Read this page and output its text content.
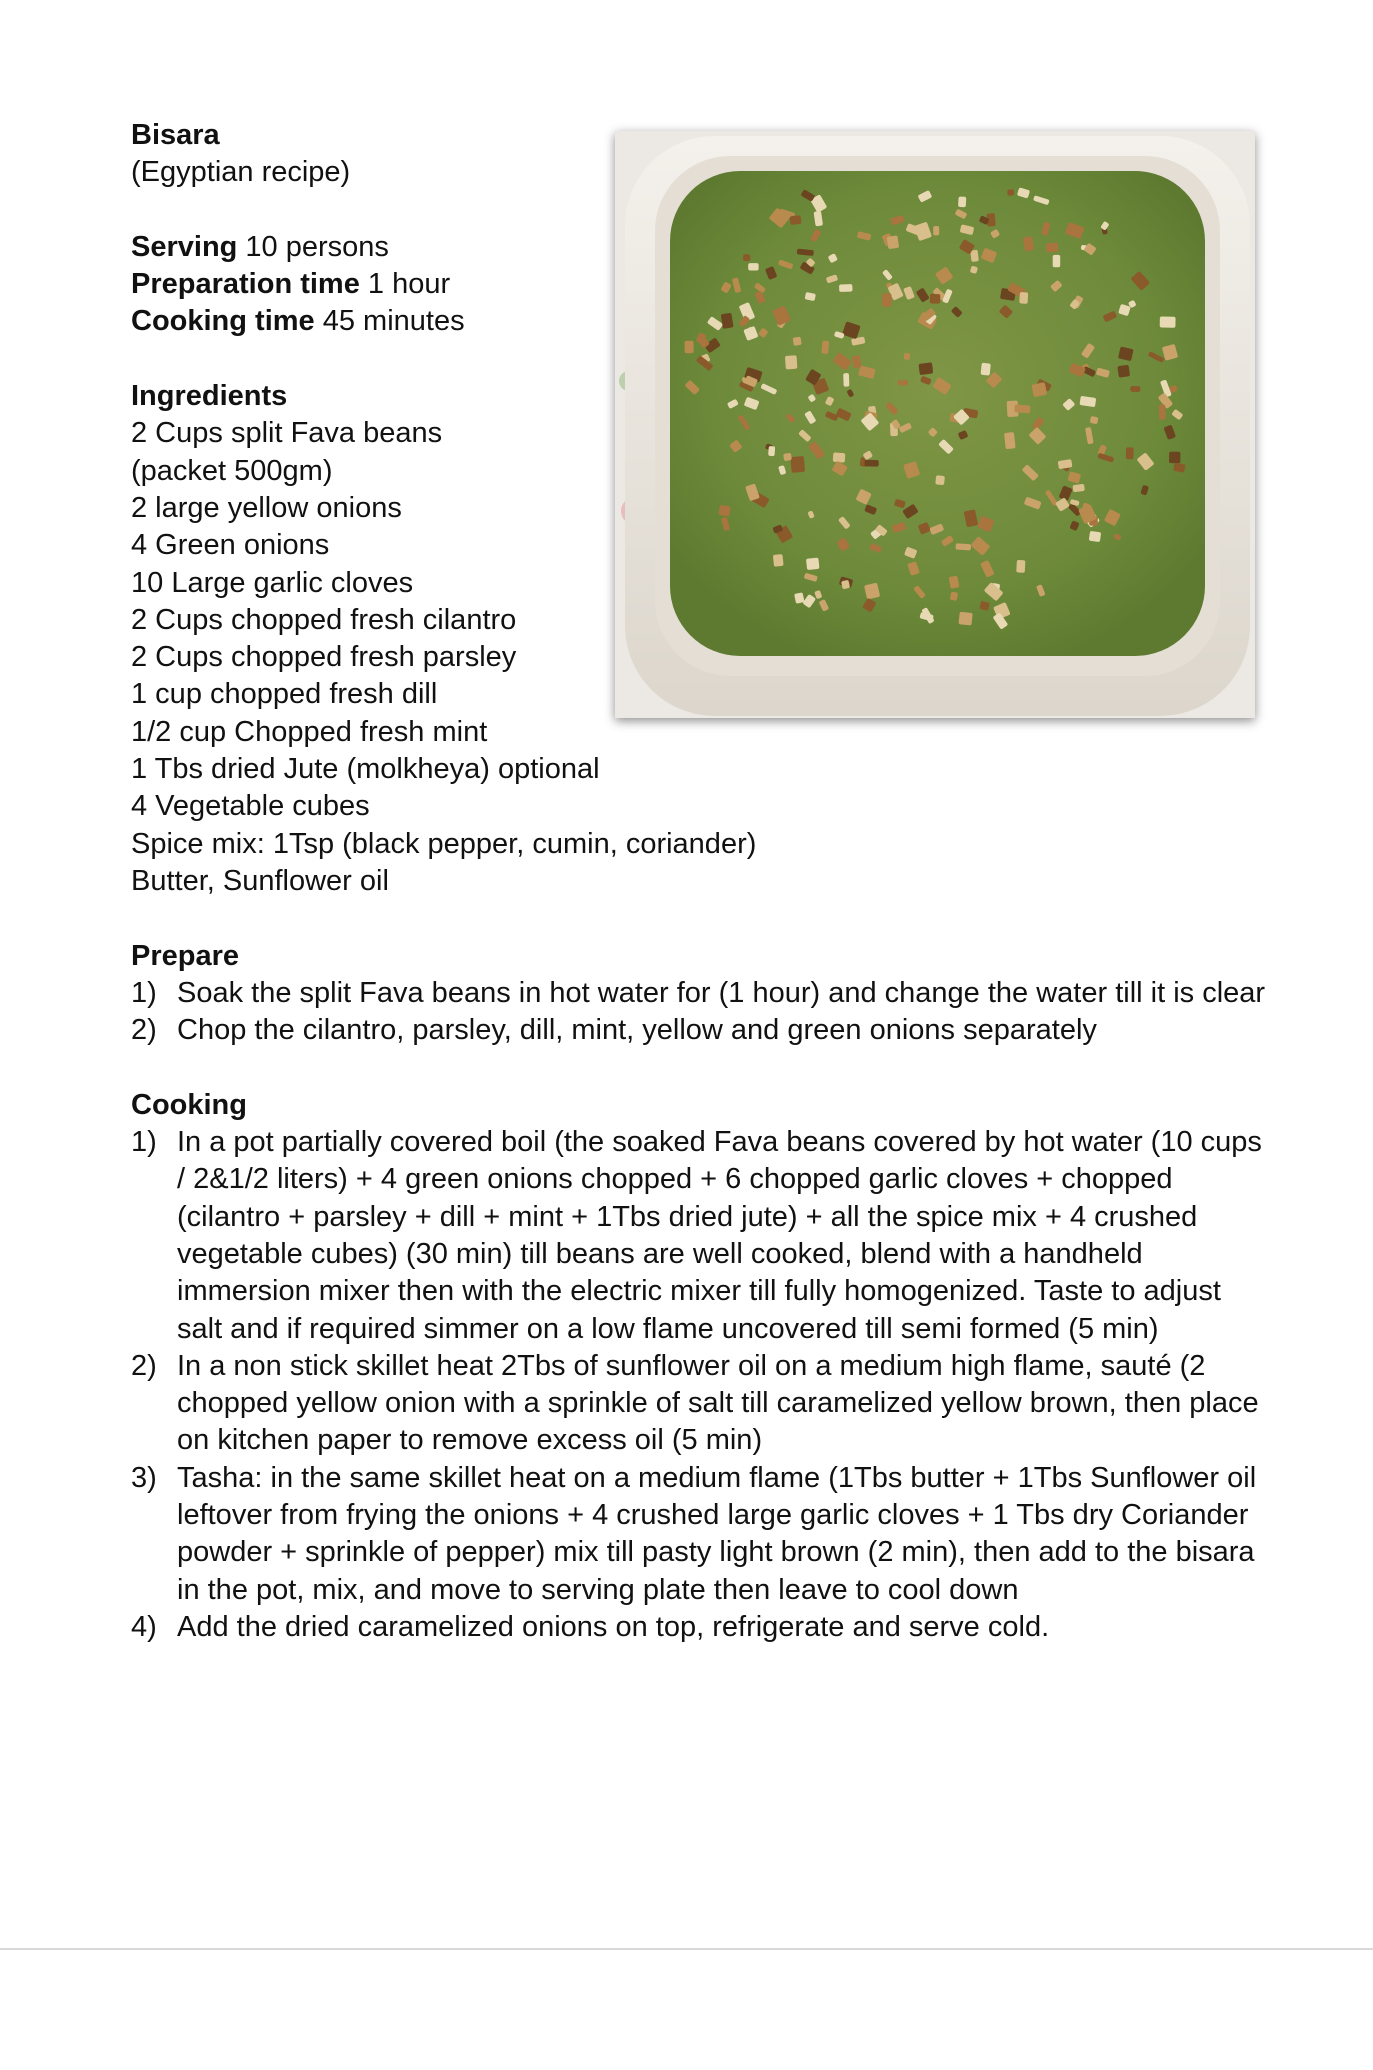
Bisara
(Egyptian recipe)
Serving 10 persons
Preparation time 1 hour
Cooking time 45 minutes
Ingredients
2 Cups split Fava beans
(packet 500gm)
2 large yellow onions
4 Green onions
10 Large garlic cloves
2 Cups chopped fresh cilantro
2 Cups chopped fresh parsley
1 cup chopped fresh dill
1/2 cup Chopped fresh mint
1 Tbs dried Jute (molkheya) optional
4 Vegetable cubes
Spice mix: 1Tsp (black pepper, cumin, coriander)
Butter, Sunflower oil
Prepare
1) Soak the split Fava beans in hot water for (1 hour) and change the water till it is clear
2) Chop the cilantro, parsley, dill, mint, yellow and green onions separately
Cooking
1) In a pot partially covered boil (the soaked Fava beans covered by hot water (10 cups / 2&1/2 liters) + 4 green onions chopped + 6 chopped garlic cloves + chopped (cilantro + parsley + dill + mint + 1Tbs dried jute) + all the spice mix + 4 crushed vegetable cubes) (30 min) till beans are well cooked, blend with a handheld immersion mixer then with the electric mixer till fully homogenized. Taste to adjust salt and if required simmer on a low flame uncovered till semi formed (5 min)
2) In a non stick skillet heat 2Tbs of sunflower oil on a medium high flame, sauté (2 chopped yellow onion with a sprinkle of salt till caramelized yellow brown, then place on kitchen paper to remove excess oil (5 min)
3) Tasha: in the same skillet heat on a medium flame (1Tbs butter + 1Tbs Sunflower oil leftover from frying the onions + 4 crushed large garlic cloves + 1 Tbs dry Coriander powder + sprinkle of pepper) mix till pasty light brown (2 min), then add to the bisara in the pot, mix, and move to serving plate then leave to cool down
4) Add the dried caramelized onions on top, refrigerate and serve cold.
